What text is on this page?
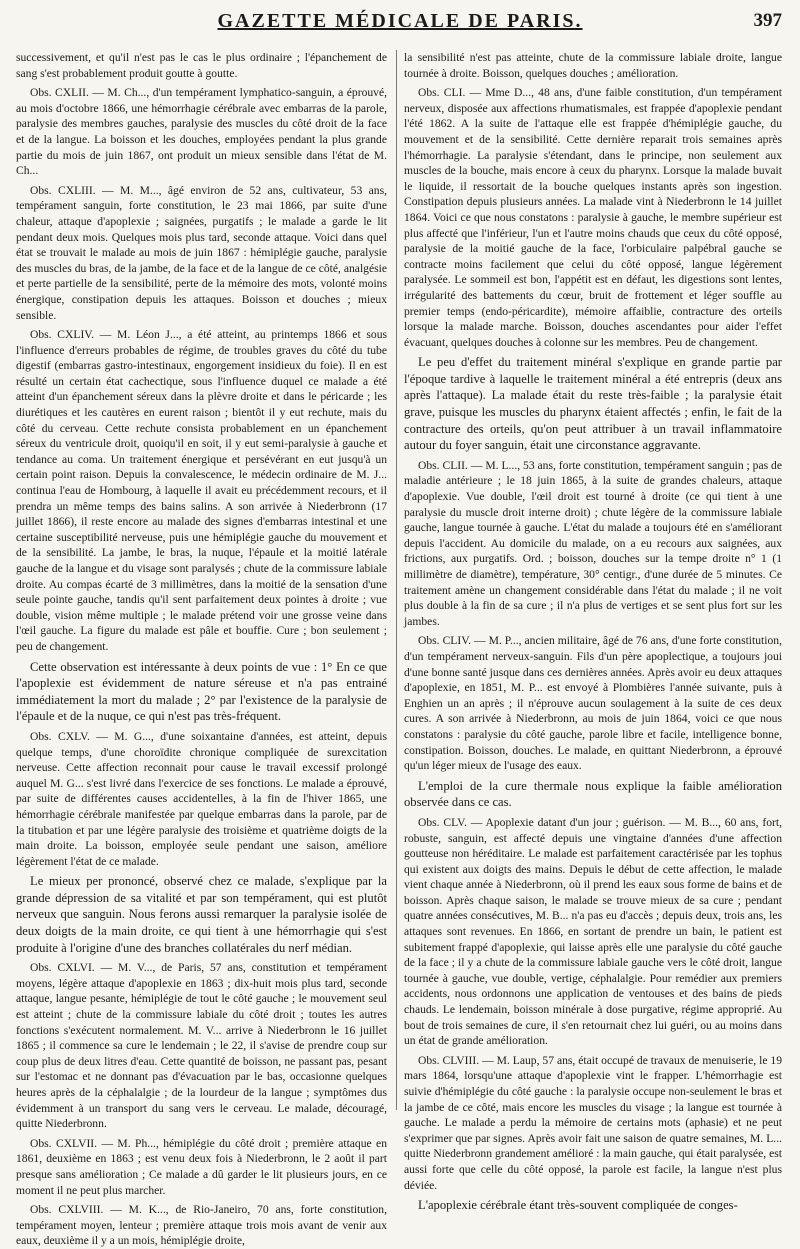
GAZETTE MÉDICALE DE PARIS.	397

successivement, et qu'il n'est pas le cas le plus ordinaire ; l'épanchement de sang s'est probablement produit goutte à goutte.

Obs. CXLII. — M. Ch..., d'un tempérament lymphatico-sanguin, a éprouvé, au mois d'octobre 1866, une hémorrhagie cérébrale avec embarras de la parole, paralysie des membres gauches, paralysie des muscles du côté droit de la face et de la langue. La boisson et les douches, employées pendant la plus grande partie du mois de juin 1867, ont produit un mieux sensible dans l'état de M. Ch...

Obs. CXLIII. — M. M..., âgé environ de 52 ans, cultivateur, 53 ans, tempérament sanguin, forte constitution, le 23 mai 1866, par suite d'une chaleur, attaque d'apoplexie ; saignées, purgatifs ; le malade a garde le lit pendant deux mois. Quelques mois plus tard, seconde attaque. Voici dans quel état se trouvait le malade au mois de juin 1867 : hémiplégie gauche, paralysie des muscles du bras, de la jambe, de la face et de la langue de ce côté, analgésie et perte partielle de la sensibilité, perte de la mémoire des mots, volonté moins énergique, constipation depuis les attaques. Boisson et douches ; mieux sensible.

Obs. CXLIV. — M. Léon J..., a été atteint, au printemps 1866 et sous l'influence d'erreurs probables de régime, de troubles graves du côté du tube digestif (embarras gastro-intestinaux, engorgement insidieux du foie). Il en est résulté un certain état cachectique, sous l'influence duquel ce malade a été atteint d'un épanchement séreux dans la plèvre droite et dans le péricarde ; les diurétiques et les cautères en eurent raison ; bientôt il y eut rechute, mais du côté du cerveau. Cette rechute consista probablement en un épanchement séreux du ventricule droit, quoiqu'il en soit, il y eut semi-paralysie à gauche et tendance au coma. Un traitement énergique et persévérant en eut jusqu'à un certain point raison. Depuis la convalescence, le médecin ordinaire de M. J... continua l'eau de Hombourg, à laquelle il avait eu précédemment recours, et il prendra un même temps des bains salins. A son arrivée à Niederbronn (17 juillet 1866), il reste encore au malade des signes d'embarras intestinal et une certaine susceptibilité nerveuse, puis une hémiplégie gauche du mouvement et de la sensibilité. La jambe, le bras, la nuque, l'épaule et la moitié latérale gauche de la langue et du visage sont paralysés ; chute de la commissure labiale droite. Au compas écarté de 3 millimètres, dans la moitié de la sensation d'une seule pointe gauche, tandis qu'il sent parfaitement deux pointes à droite ; vue double, vision même multiple ; le malade prétend voir une grosse veine dans l'œil gauche. La figure du malade est pâle et bouffie. Cure ; bon seulement ; peu de changement.

Cette observation est intéressante à deux points de vue : 1° En ce que l'apoplexie est évidemment de nature séreuse et n'a pas entrainé immédiatement la mort du malade ; 2° par l'existence de la paralysie de l'épaule et de la nuque, ce qui n'est pas très-fréquent.

Obs. CXLV. — M. G..., d'une soixantaine d'années, est atteint, depuis quelque temps, d'une choroïdite chronique compliquée de surexcitation nerveuse. Cette affection reconnait pour cause le travail excessif prolongé auquel M. G... s'est livré dans l'exercice de ses fonctions. Le malade a éprouvé, par suite de différentes causes accidentelles, à la fin de l'hiver 1865, une hémorrhagie cérébrale manifestée par quelque embarras dans la parole, par de la titubation et par une légère paralysie des troisième et quatrième doigts de la main droite. La boisson, employée seule pendant une saison, améliore légèrement l'état de ce malade.

Le mieux per prononcé, observé chez ce malade, s'explique par la grande dépression de sa vitalité et par son tempérament, qui est plutôt nerveux que sanguin. Nous ferons aussi remarquer la paralysie isolée de deux doigts de la main droite, ce qui tient à une hémorrhagie qui s'est produite à l'origine d'une des branches collatérales du nerf médian.

Obs. CXLVI. — M. V..., de Paris, 57 ans, constitution et tempérament moyens, légère attaque d'apoplexie en 1863 ; dix-huit mois plus tard, seconde attaque, langue pesante, hémiplégie de tout le côté gauche ; le mouvement seul est atteint ; chute de la commissure labiale du côté droit ; toutes les autres fonctions s'exécutent normalement. M. V... arrive à Niederbronn le 16 juillet 1865 ; il commence sa cure le lendemain ; le 22, il s'avise de prendre coup sur coup plus de deux litres d'eau. Cette quantité de boisson, ne passant pas, pesant sur l'estomac et ne donnant pas d'évacuation par le bas, occasionne quelques heures après de la céphalalgie ; de la lourdeur de la langue ; symptômes dus évidemment à un transport du sang vers le cerveau. Le malade, découragé, quitte Niederbronn.

Obs. CXLVII. — M. Ph..., hémiplégie du côté droit ; première attaque en 1861, deuxième en 1863 ; est venu deux fois à Niederbronn, le 2 août il part presque sans amélioration ; Ce malade a dû garder le lit plusieurs jours, en ce moment il ne peut plus marcher.

Obs. CXLVIII. — M. K..., de Rio-Janeiro, 70 ans, forte constitution, tempérament moyen, lenteur ; première attaque trois mois avant de venir aux eaux, deuxième il y a un mois, hémiplégie droite,

la sensibilité n'est pas atteinte, chute de la commissure labiale droite, langue tournée à droite. Boisson, quelques douches ; amélioration.

Obs. CLI. — Mme D..., 48 ans, d'une faible constitution, d'un tempérament nerveux, disposée aux affections rhumatismales, est frappée d'apoplexie pendant l'été 1862. A la suite de l'attaque elle est frappée d'hémiplégie gauche, du mouvement et de la sensibilité. Cette dernière reparait trois semaines après l'hémorrhagie. La paralysie s'étendant, dans le principe, non seulement aux muscles de la bouche, mais encore à ceux du pharynx. Lorsque la malade buvait le liquide, il ressortait de la bouche quelques instants après son ingestion. Constipation depuis plusieurs années. La malade vint à Niederbronn le 14 juillet 1864. Voici ce que nous constatons : paralysie à gauche, le membre supérieur est plus affecté que l'inférieur, l'un et l'autre moins chauds que ceux du côté opposé, paralysie de la moitié gauche de la face, l'orbiculaire palpébral gauche se contracte moins facilement que celui du côté opposé, langue légèrement paralysée. Le sommeil est bon, l'appétit est en défaut, les digestions sont lentes, irrégularité des battements du cœur, bruit de frottement et léger souffle au premier temps (endo-péricardite), mémoire affaiblie, contracture des orteils lorsque la malade marche. Boisson, douches ascendantes pour aider l'effet évacuant, quelques douches à colonne sur les membres. Peu de changement.

Le peu d'effet du traitement minéral s'explique en grande partie par l'époque tardive à laquelle le traitement minéral a été entrepris (deux ans après l'attaque). La malade était du reste très-faible ; la paralysie était grave, puisque les muscles du pharynx étaient affectés ; enfin, le fait de la contracture des orteils, qu'on peut attribuer à un travail inflammatoire autour du foyer sanguin, était une circonstance aggravante.

Obs. CLII. — M. L..., 53 ans, forte constitution, tempérament sanguin ; pas de maladie antérieure ; le 18 juin 1865, à la suite de grandes chaleurs, attaque d'apoplexie. Vue double, l'œil droit est tourné à droite (ce qui tient à une paralysie du muscle droit interne droit) ; chute légère de la commissure labiale gauche, langue tournée à gauche. L'état du malade a toujours été en s'améliorant depuis l'accident. Au domicile du malade, on a eu recours aux saignées, aux frictions, aux purgatifs. Ord. ; boisson, douches sur la tempe droite n° 1 (1 millimètre de diamètre), température, 30° centigr., d'une durée de 5 minutes. Ce traitement amène un changement considérable dans l'état du malade ; il ne voit plus double à la fin de sa cure ; il n'a plus de vertiges et se sent plus fort sur les jambes.

Obs. CLIV. — M. P..., ancien militaire, âgé de 76 ans, d'une forte constitution, d'un tempérament nerveux-sanguin. Fils d'un père apoplectique, a toujours joui d'une bonne santé jusque dans ces dernières années. Après avoir eu deux attaques d'apoplexie, en 1851, M. P... est envoyé à Plombières l'année suivante, puis à Enghien un an après ; il n'éprouve aucun soulagement à la suite de ces deux cures. A son arrivée à Niederbronn, au mois de juin 1864, voici ce que nous constatons : paralysie du côté gauche, parole libre et facile, intelligence bonne, constipation. Boisson, douches. Le malade, en quittant Niederbronn, a éprouvé qu'un léger mieux de l'usage des eaux.

L'emploi de la cure thermale nous explique la faible amélioration observée dans ce cas.

Obs. CLV. — Apoplexie datant d'un jour ; guérison. — M. B..., 60 ans, fort, robuste, sanguin, est affecté depuis une vingtaine d'années d'une affection goutteuse non héréditaire. Le malade est parfaitement caractérisée par les tophus qui existent aux doigts des mains. Depuis le début de cette affection, le malade vient chaque année à Niederbronn, où il prend les eaux sous forme de bains et de boisson. Après chaque saison, le malade se trouve mieux de sa cure ; pendant quatre années consécutives, M. B... n'a pas eu d'accès ; depuis deux, trois ans, les attaques sont revenues. En 1866, en sortant de prendre un bain, le patient est subitement frappé d'apoplexie, qui laisse après elle une paralysie du côté gauche de la face ; il y a chute de la commissure labiale gauche vers le côté droit, langue tournée à gauche, vue double, vertige, céphalalgie. Pour remédier aux premiers accidents, nous ordonnons une application de ventouses et des bains de pieds chauds. Le lendemain, boisson minérale à dose purgative, régime approprié. Au bout de trois semaines de cure, il s'en retournait chez lui guéri, ou au moins dans un état de grande amélioration.

Obs. CLVIII. — M. Laup, 57 ans, était occupé de travaux de menuiserie, le 19 mars 1864, lorsqu'une attaque d'apoplexie vint le frapper. L'hémorrhagie est suivie d'hémiplégie du côté gauche : la paralysie occupe non-seulement le bras et la jambe de ce côté, mais encore les muscles du visage ; la langue est tournée à gauche. Le malade a perdu la mémoire de certains mots (aphasie) et ne peut s'exprimer que par signes. Après avoir fait une saison de quatre semaines, M. L... quitte Niederbronn grandement amélioré : la main gauche, qui était paralysée, est aussi forte que celle du côté opposé, la parole est facile, la langue n'est plus déviée.

L'apoplexie cérébrale étant très-souvent compliquée de conges-
